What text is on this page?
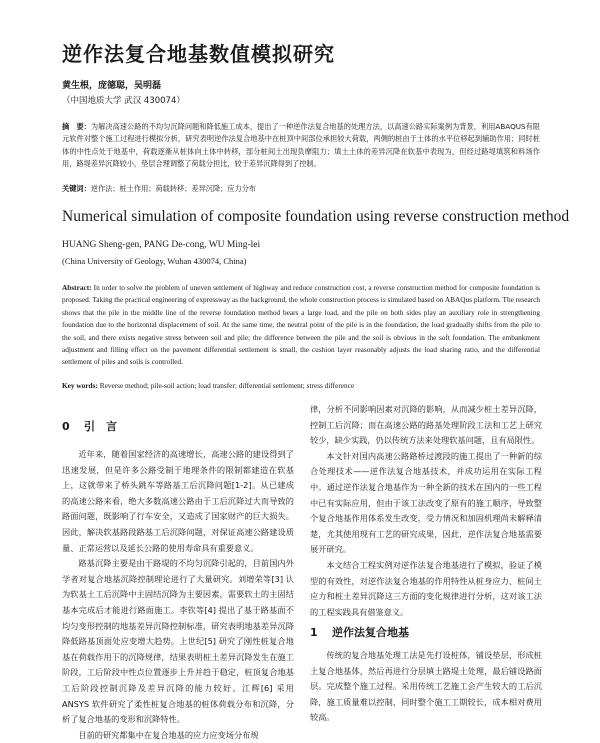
逆作法复合地基数值模拟研究
黄生根，庞德聪，吴明磊
（中国地质大学 武汉 430074）
摘　要：为解决高速公路的不均匀沉降问题和降低施工成本，提出了一种逆作法复合地基的处理方法，以高速公路实际案例为背景，利用ABAQUS有限元软件对整个施工过程进行模拟分析，研究表明逆作法复合地基中在桩顶中间部位承担较大荷载，两侧的桩由于土体的水平位移起到辅助作用；同时桩体的中性点处于地基中，荷载逐渐从桩体向土体中转移，部分桩间土出现负摩阻力；填土土体的差异沉降在软基中表现为，但经过路堤填筑和料场作用，路堤差异沉降较小，垫层合理调整了荷载分担比，较于差异沉降得到了控制。
关键词：逆作法；桩土作用；荷载转移；差异沉降；应力分布
Numerical simulation of composite foundation using reverse construction method
HUANG Sheng-gen, PANG De-cong, WU Ming-lei
(China University of Geology, Wuhan 430074, China)
Abstract: In order to solve the problem of uneven settlement of highway and reduce construction cost, a reverse construction method for composite foundation is proposed. Taking the practical engineering of expressway as the background, the whole construction process is simulated based on ABAQus platform. The research shows that the pile in the middle line of the reverse foundation method bears a large load, and the pile on both sides play an auxiliary role in strengthening foundation due to the horizontal displacement of soil. At the same time, the neutral point of the pile is in the foundation, the load gradually shifts from the pile to the soil, and there exists negative stress between soil and pile; the difference between the pile and the soil is obvious in the soft foundation. The embankment adjustment and filling effect on the pavement differential settlement is small, the cushion layer reasonably adjusts the load sharing ratio, and the differential settlement of piles and soils is controlled.
Key words: Reverse method; pile-soil action; load transfer; differential settlement; stress difference
0 引　言

近年来，随着国家经济的高速增长，高速公路的建设得到了迅速发展，但是许多公路受制于地理条件的限制都建造在软基上，这就带来了桥头跳车等路基工后沉降问题[1-2]。从已建成的高速公路来看，绝大多数高速公路由于工后沉降过大而导致的路面问题，既影响了行车安全，又造成了国家财产的巨大损失。因此，解决软基路段路基工后沉降问题，对保证高速公路建设质量、正常运营以及延长公路的使用寿命具有重要意义。

路基沉降主要是由于路堤的不均匀沉降引起的，目前国内外学者对复合地基沉降控制理论进行了大量研究。刘增荣等[3] 认为软基土工后沉降中主固结沉降为主要因素，需要软土的主固结基本完成后才能进行路面施工。李钦等[4] 提出了基于路基面不均匀变形控制的地基差异沉降控制标准，研究表明地基差异沉降降低路基顶面处应变增大趋势。上世纪[5] 研究了刚性桩复合地基在荷载作用下的沉降规律，结果表明桩土差异沉降发生在施工阶段，工后阶段中性点位置逐步上升并趋于稳定，桩顶复合地基工后阶段控制沉降及差异沉降的能力较好。江辉[6] 采用 ANSYS 软件研究了柔性桩复合地基的桩体荷载分布和沉降，分析了复合地基的变形和沉降特性。

目前的研究都集中在复合地基的应力应变场分布规

律，分析不同影响因素对沉降的影响，从而减少桩土差异沉降，控制工后沉降；而在高速公路的路基处理阶段工法和工艺上研究较少，缺少实践，仍以传统方法来处理软基问题，且有局限性。

本文针对国内高速公路路桥过渡段的施工提出了一种新的综合处理技术——逆作法复合地基技术，并成功运用在实际工程中。通过逆作法复合地基作为一种全新的技术在国内的一些工程中已有实际应用，但由于该工法改变了原有的施工顺序，导致整个复合地基作用体系发生改变，受力情况和加固机理尚未解释清楚，尤其使用现有工艺的研究成果，因此，逆作法复合地基需要展开研究。

本文结合工程实例对逆作法复合地基进行了模拟，验证了模型的有效性，对逆作法复合地基的作用特性从桩身应力、桩间土应力和桩土差异沉降这三方面的变化规律进行分析，这对该工法的工程实践具有借鉴意义。

1 逆作法复合地基

传统的复合地基处理工法是先打设桩体，铺设垫层，形成桩土复合地基体，然后再进行分层填土路堤土处理，最后铺设路面层。完成整个施工过程。采用传统工艺施工会产生较大的工后沉降，施工质量难以控制，同时整个施工工期较长，成本相对费用较高。
